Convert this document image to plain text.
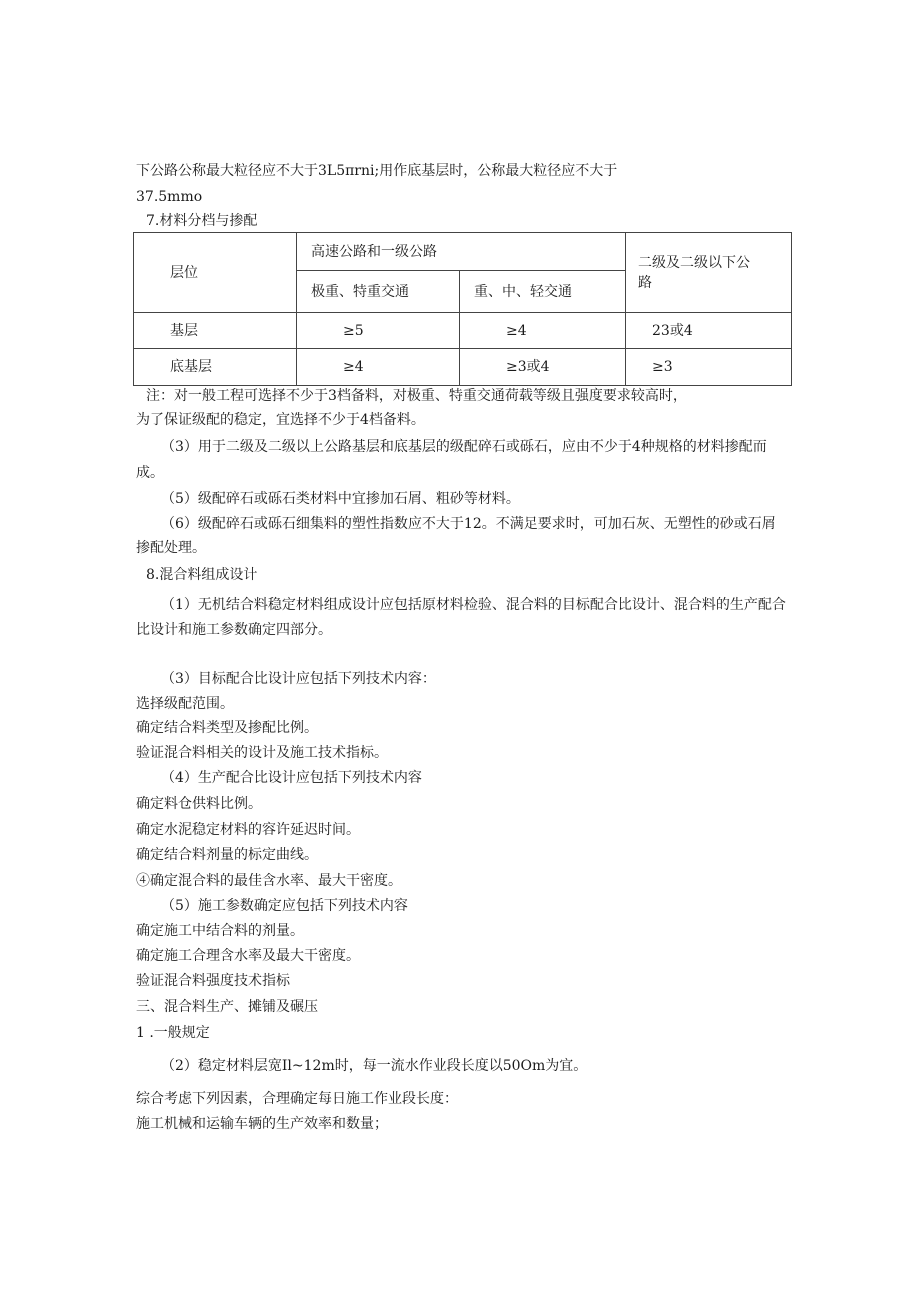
下公路公称最大粒径应不大于3L5πrni;用作底基层时，公称最大粒径应不大于
37.5mmo
7.材料分档与掺配
层位	高速公路和一级公路		二级及二级以下公
路

	极重、特重交通	重、中、轻交通	
基层	≥5	≥4	23或4
底基层	≥4	≥3或4	≥3
注：对一般工程可选择不少于3档备料，对极重、特重交通荷载等级且强度要求较高时，
为了保证级配的稳定，宜选择不少于4档备料。
（3）用于二级及二级以上公路基层和底基层的级配碎石或砾石，应由不少于4种规格的材料掺配而
成。
（5）级配碎石或砾石类材料中宜掺加石屑、粗砂等材料。
（6）级配碎石或砾石细集料的塑性指数应不大于12。不满足要求时，可加石灰、无塑性的砂或石屑
掺配处理。
8.混合料组成设计
（1）无机结合料稳定材料组成设计应包括原材料检验、混合料的目标配合比设计、混合料的生产配合
比设计和施工参数确定四部分。
（3）目标配合比设计应包括下列技术内容：
选择级配范围。
确定结合料类型及掺配比例。
验证混合料相关的设计及施工技术指标。
（4）生产配合比设计应包括下列技术内容
确定料仓供料比例。
确定水泥稳定材料的容许延迟时间。
确定结合料剂量的标定曲线。
④确定混合料的最佳含水率、最大干密度。
（5）施工参数确定应包括下列技术内容
确定施工中结合料的剂量。
确定施工合理含水率及最大干密度。
验证混合料强度技术指标
三、混合料生产、摊铺及碾压
1 .一般规定
（2）稳定材料层宽Il~12m时，每一流水作业段长度以50Om为宜。
综合考虑下列因素，合理确定每日施工作业段长度：
施工机械和运输车辆的生产效率和数量；
